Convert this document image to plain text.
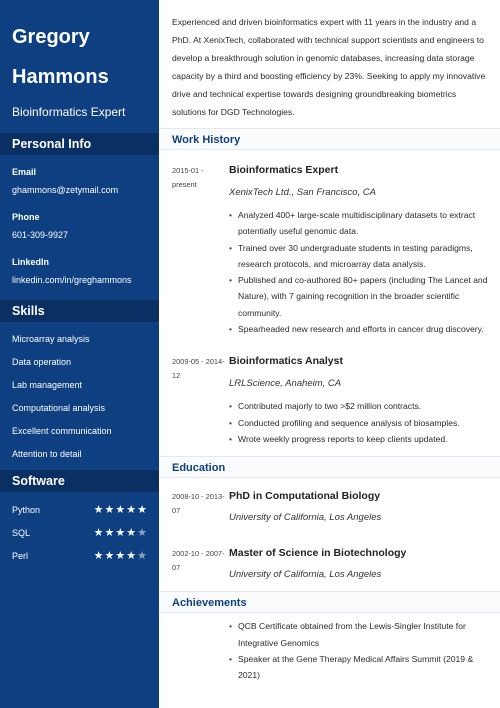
Gregory
Hammons
Bioinformatics Expert
Personal Info
Email
ghammons@zetymail.com
Phone
601-309-9927
LinkedIn
linkedin.com/in/greghammons
Skills
Microarray analysis
Data operation
Lab management
Computational analysis
Excellent communication
Attention to detail
Software
Python	★ ★ ★ ★ ★
SQL	★ ★ ★ ★ ★
Perl	★ ★ ★ ★ ★
Experienced and driven bioinformatics expert with 11 years in the industry and a PhD. At XenixTech, collaborated with technical support scientists and engineers to develop a breakthrough solution in genomic databases, increasing data storage capacity by a third and boosting efficiency by 23%. Seeking to apply my innovative drive and technical expertise towards designing groundbreaking biometrics solutions for DGD Technologies.
Work History
2015-01 - present
Bioinformatics Expert
XenixTech Ltd., San Francisco, CA
• Analyzed 400+ large-scale multidisciplinary datasets to extract potentially useful genomic data.
• Trained over 30 undergraduate students in testing paradigms, research protocols, and microarray data analysis.
• Published and co-authored 80+ papers (including The Lancet and Nature), with 7 gaining recognition in the broader scientific community.
• Spearheaded new research and efforts in cancer drug discovery.
2009-05 - 2014-12
Bioinformatics Analyst
LRLScience, Anaheim, CA
• Contributed majorly to two >$2 million contracts.
• Conducted profiling and sequence analysis of biosamples.
• Wrote weekly progress reports to keep clients updated.
Education
2008-10 - 2013-07
PhD in Computational Biology
University of California, Los Angeles
2002-10 - 2007-07
Master of Science in Biotechnology
University of California, Los Angeles
Achievements
• QCB Certificate obtained from the Lewis-Singler Institute for Integrative Genomics
• Speaker at the Gene Therapy Medical Affairs Summit (2019 & 2021)
